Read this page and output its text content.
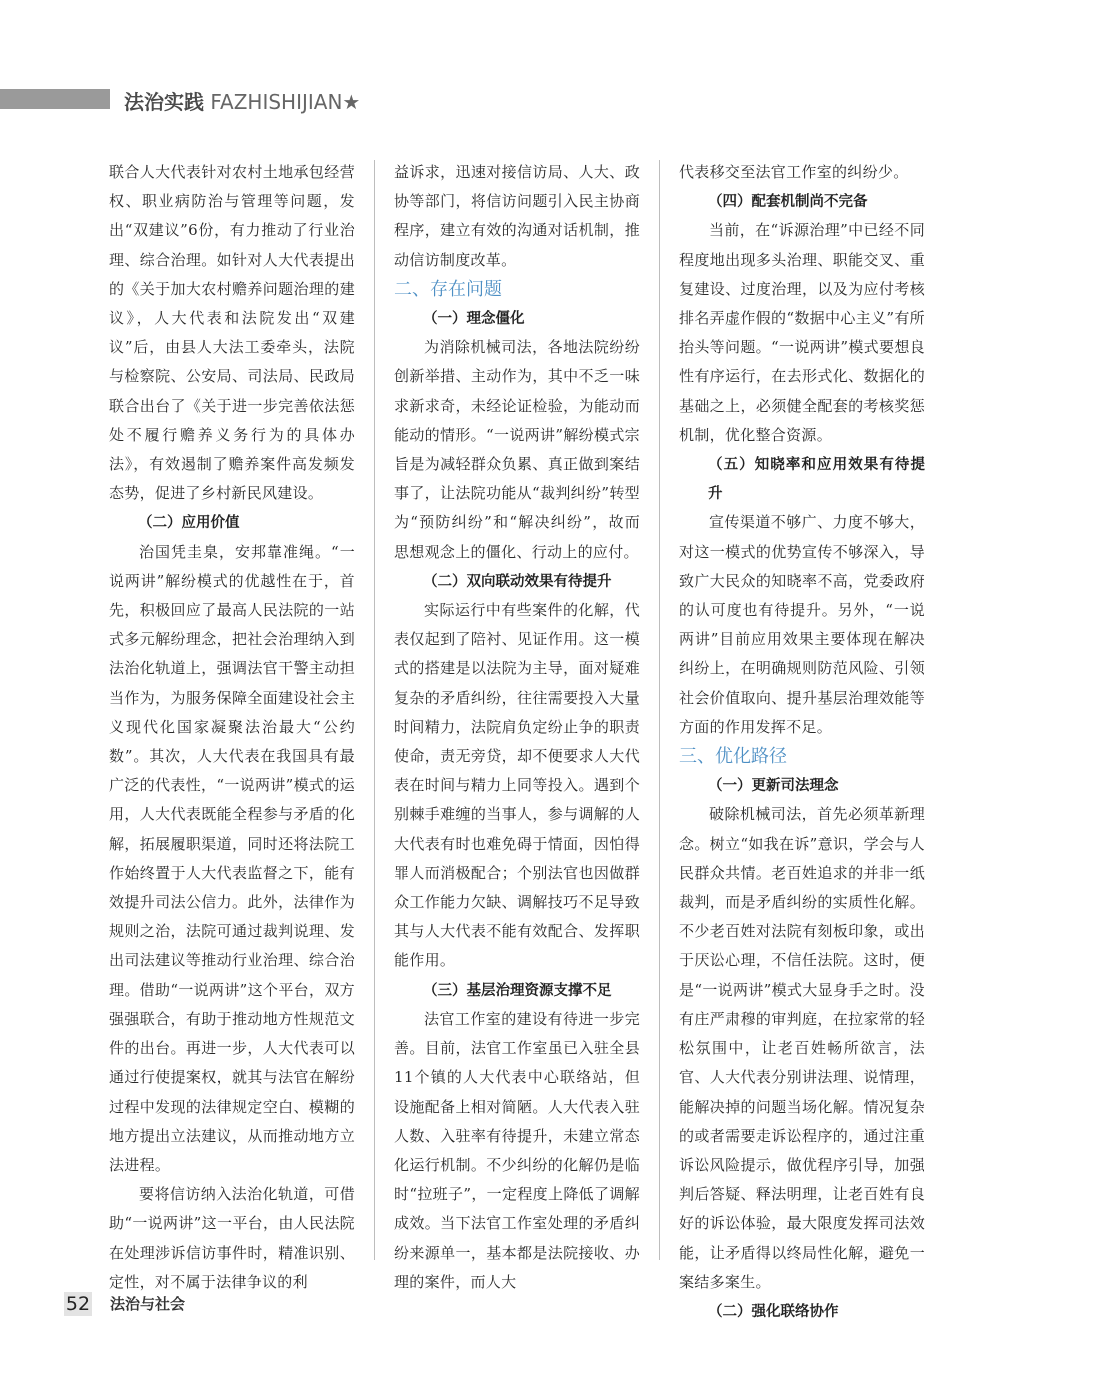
法治实践 FAZHISHIJIAN★

联合人大代表针对农村土地承包经营权、职业病防治与管理等问题，发出“双建议”6份，有力推动了行业治理、综合治理。如针对人大代表提出的《关于加大农村赡养问题治理的建议》，人大代表和法院发出“双建议”后，由县人大法工委牵头，法院与检察院、公安局、司法局、民政局联合出台了《关于进一步完善依法惩处不履行赡养义务行为的具体办法》，有效遏制了赡养案件高发频发态势，促进了乡村新民风建设。

（二）应用价值

治国凭圭臬，安邦靠准绳。“一说两讲”解纷模式的优越性在于，首先，积极回应了最高人民法院的一站式多元解纷理念，把社会治理纳入到法治化轨道上，强调法官干警主动担当作为，为服务保障全面建设社会主义现代化国家凝聚法治最大“公约数”。其次，人大代表在我国具有最广泛的代表性，“一说两讲”模式的运用，人大代表既能全程参与矛盾的化解，拓展履职渠道，同时还将法院工作始终置于人大代表监督之下，能有效提升司法公信力。此外，法律作为规则之治，法院可通过裁判说理、发出司法建议等推动行业治理、综合治理。借助“一说两讲”这个平台，双方强强联合，有助于推动地方性规范文件的出台。再进一步，人大代表可以通过行使提案权，就其与法官在解纷过程中发现的法律规定空白、模糊的地方提出立法建议，从而推动地方立法进程。

要将信访纳入法治化轨道，可借助“一说两讲”这一平台，由人民法院在处理涉诉信访事件时，精准识别、定性，对不属于法律争议的利

益诉求，迅速对接信访局、人大、政协等部门，将信访问题引入民主协商程序，建立有效的沟通对话机制，推动信访制度改革。

二、存在问题
（一）理念僵化

为消除机械司法，各地法院纷纷创新举措、主动作为，其中不乏一味求新求奇，未经论证检验，为能动而能动的情形。“一说两讲”解纷模式宗旨是为减轻群众负累、真正做到案结事了，让法院功能从“裁判纠纷”转型为“预防纠纷”和“解决纠纷”，故而思想观念上的僵化、行动上的应付。

（二）双向联动效果有待提升

实际运行中有些案件的化解，代表仅起到了陪衬、见证作用。这一模式的搭建是以法院为主导，面对疑难复杂的矛盾纠纷，往往需要投入大量时间精力，法院肩负定纷止争的职责使命，责无旁贷，却不便要求人大代表在时间与精力上同等投入。遇到个别棘手难缠的当事人，参与调解的人大代表有时也难免碍于情面，因怕得罪人而消极配合；个别法官也因做群众工作能力欠缺、调解技巧不足导致其与人大代表不能有效配合、发挥职能作用。

（三）基层治理资源支撑不足

法官工作室的建设有待进一步完善。目前，法官工作室虽已入驻全县11个镇的人大代表中心联络站，但设施配备上相对简陋。人大代表入驻人数、入驻率有待提升，未建立常态化运行机制。不少纠纷的化解仍是临时“拉班子”，一定程度上降低了调解成效。当下法官工作室处理的矛盾纠纷来源单一，基本都是法院接收、办理的案件，而人大

代表移交至法官工作室的纠纷少。

（四）配套机制尚不完备

当前，在“诉源治理”中已经不同程度地出现多头治理、职能交叉、重复建设、过度治理，以及为应付考核排名弄虚作假的“数据中心主义”有所抬头等问题。“一说两讲”模式要想良性有序运行，在去形式化、数据化的基础之上，必须健全配套的考核奖惩机制，优化整合资源。

（五）知晓率和应用效果有待提升

宣传渠道不够广、力度不够大，对这一模式的优势宣传不够深入，导致广大民众的知晓率不高，党委政府的认可度也有待提升。另外，“一说两讲”目前应用效果主要体现在解决纠纷上，在明确规则防范风险、引领社会价值取向、提升基层治理效能等方面的作用发挥不足。

三、优化路径
（一）更新司法理念

破除机械司法，首先必须革新理念。树立“如我在诉”意识，学会与人民群众共情。老百姓追求的并非一纸裁判，而是矛盾纠纷的实质性化解。不少老百姓对法院有刻板印象，或出于厌讼心理，不信任法院。这时，便是“一说两讲”模式大显身手之时。没有庄严肃穆的审判庭，在拉家常的轻松氛围中，让老百姓畅所欲言，法官、人大代表分别讲法理、说情理，能解决掉的问题当场化解。情况复杂的或者需要走诉讼程序的，通过注重诉讼风险提示，做优程序引导，加强判后答疑、释法明理，让老百姓有良好的诉讼体验，最大限度发挥司法效能，让矛盾得以终局性化解，避免一案结多案生。

（二）强化联络协作
52 法治与社会
